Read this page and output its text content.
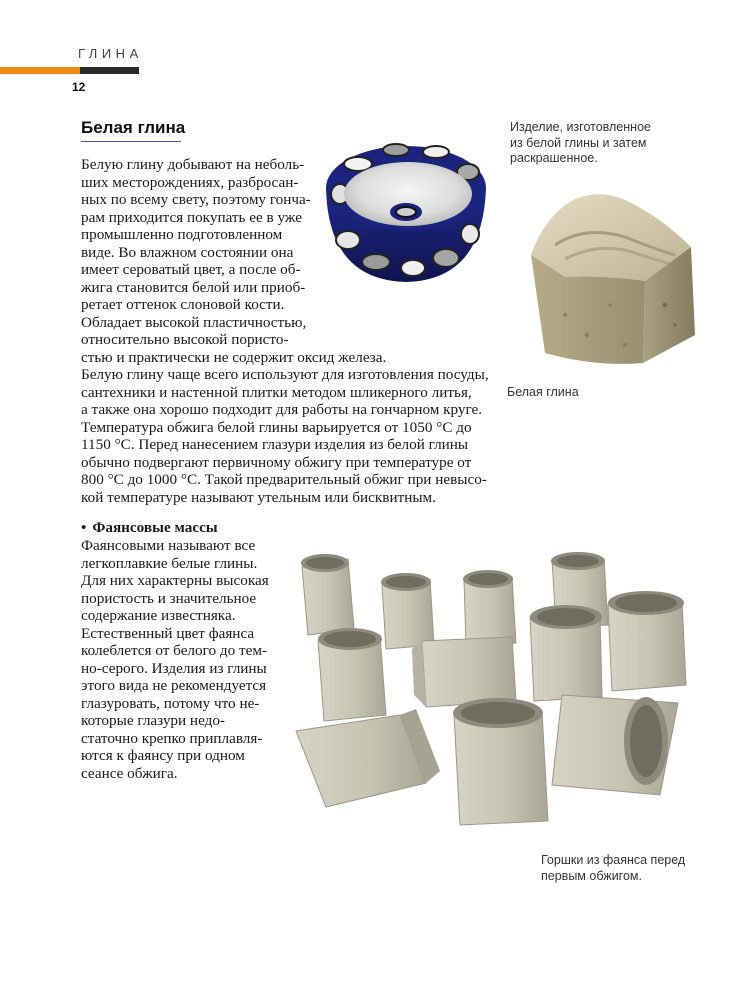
ГЛИНА
12
Белая глина
Белую глину добывают на неболь-
ших месторождениях, разбросан-
ных по всему свету, поэтому гонча-
рам приходится покупать ее в уже
промышленно подготовленном
виде. Во влажном состоянии она
имеет сероватый цвет, а после об-
жига становится белой или приоб-
ретает оттенок слоновой кости.
Обладает высокой пластичностью,
относительно высокой пористо-
стью и практически не содержит оксид железа.
Белую глину чаще всего используют для изготовления посуды,
сантехники и настенной плитки методом шликерного литья,
а также она хорошо подходит для работы на гончарном круге.
Температура обжига белой глины варьируется от 1050 °С до
1150 °С. Перед нанесением глазури изделия из белой глины
обычно подвергают первичному обжигу при температуре от
800 °С до 1000 °С. Такой предварительный обжиг при невысо-
кой температуре называют утельным или бисквитным.
Изделие, изготовленное
из белой глины и затем
раскрашенное.
Белая глина
• Фаянсовые массы
Фаянсовыми называют все
легкоплавкие белые глины.
Для них характерны высокая
пористость и значительное
содержание известняка.
Естественный цвет фаянса
колеблется от белого до тем-
но-серого. Изделия из глины
этого вида не рекомендуется
глазуровать, потому что не-
которые глазури недо-
статочно крепко приплавля-
ются к фаянсу при одном
сеансе обжига.
Горшки из фаянса перед
первым обжигом.
